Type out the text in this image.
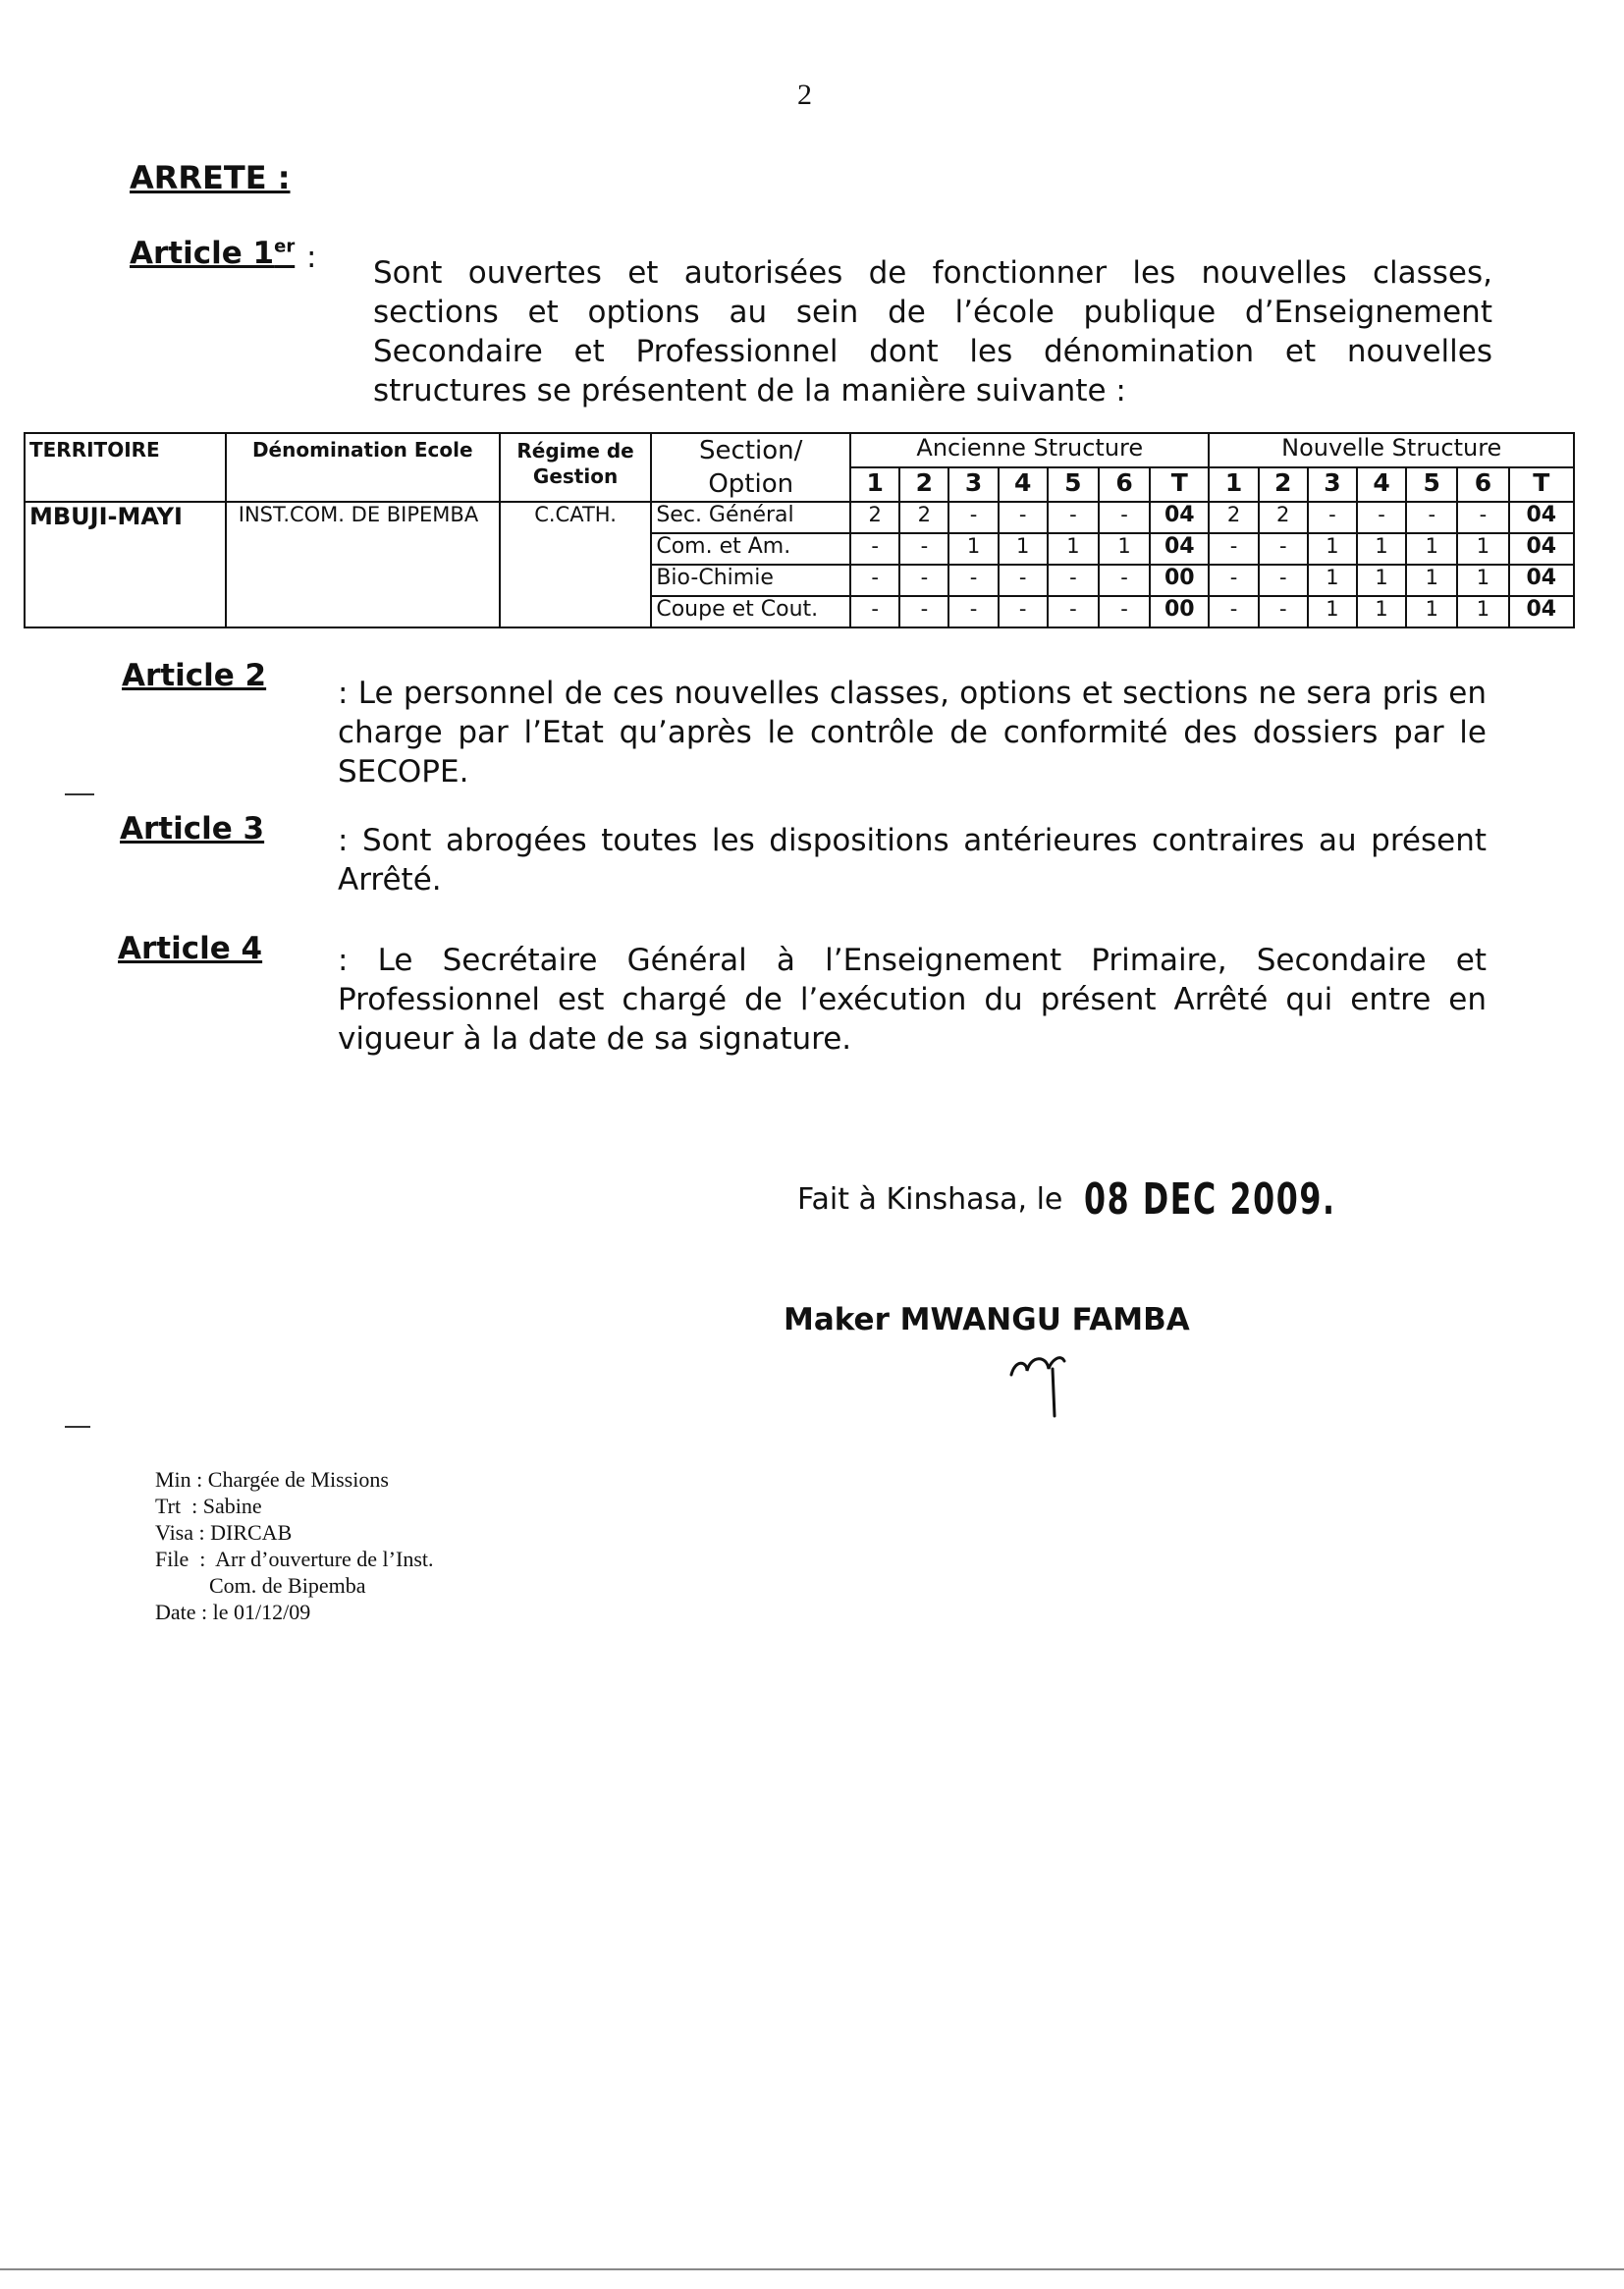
2
ARRETE :
Article 1er : Sont ouvertes et autorisées de fonctionner les nouvelles classes, sections et options au sein de l’école publique d’Enseignement Secondaire et Professionnel dont les dénomination et nouvelles structures se présentent de la manière suivante :
TERRITOIRE	Dénomination Ecole	Régime de Gestion	Section/ Option	Ancienne Structure							Nouvelle Structure						
				1	2	3	4	5	6	T	1	2	3	4	5	6	T
MBUJI-MAYI	INST.COM. DE BIPEMBA	C.CATH.	Sec. Général	2	2	-	-	-	-	04	2	2	-	-	-	-	04
			Com. et Am.	-	-	1	1	1	1	04	-	-	1	1	1	1	04
			Bio-Chimie	-	-	-	-	-	-	00	-	-	1	1	1	1	04
			Coupe et Cout.	-	-	-	-	-	-	00	-	-	1	1	1	1	04
Article 2 : Le personnel de ces nouvelles classes, options et sections ne sera pris en charge par l’Etat qu’après le contrôle de conformité des dossiers par le SECOPE.
Article 3 : Sont abrogées toutes les dispositions antérieures contraires au présent Arrêté.
Article 4 : Le Secrétaire Général à l’Enseignement Primaire, Secondaire et Professionnel est chargé de l’exécution du présent Arrêté qui entre en vigueur à la date de sa signature.
Fait à Kinshasa, le 08 DEC 2009.
Maker MWANGU FAMBA
Min : Chargée de Missions
Trt  : Sabine
Visa : DIRCAB
File  :  Arr d’ouverture de l’Inst.
Com. de Bipemba
Date : le 01/12/09
